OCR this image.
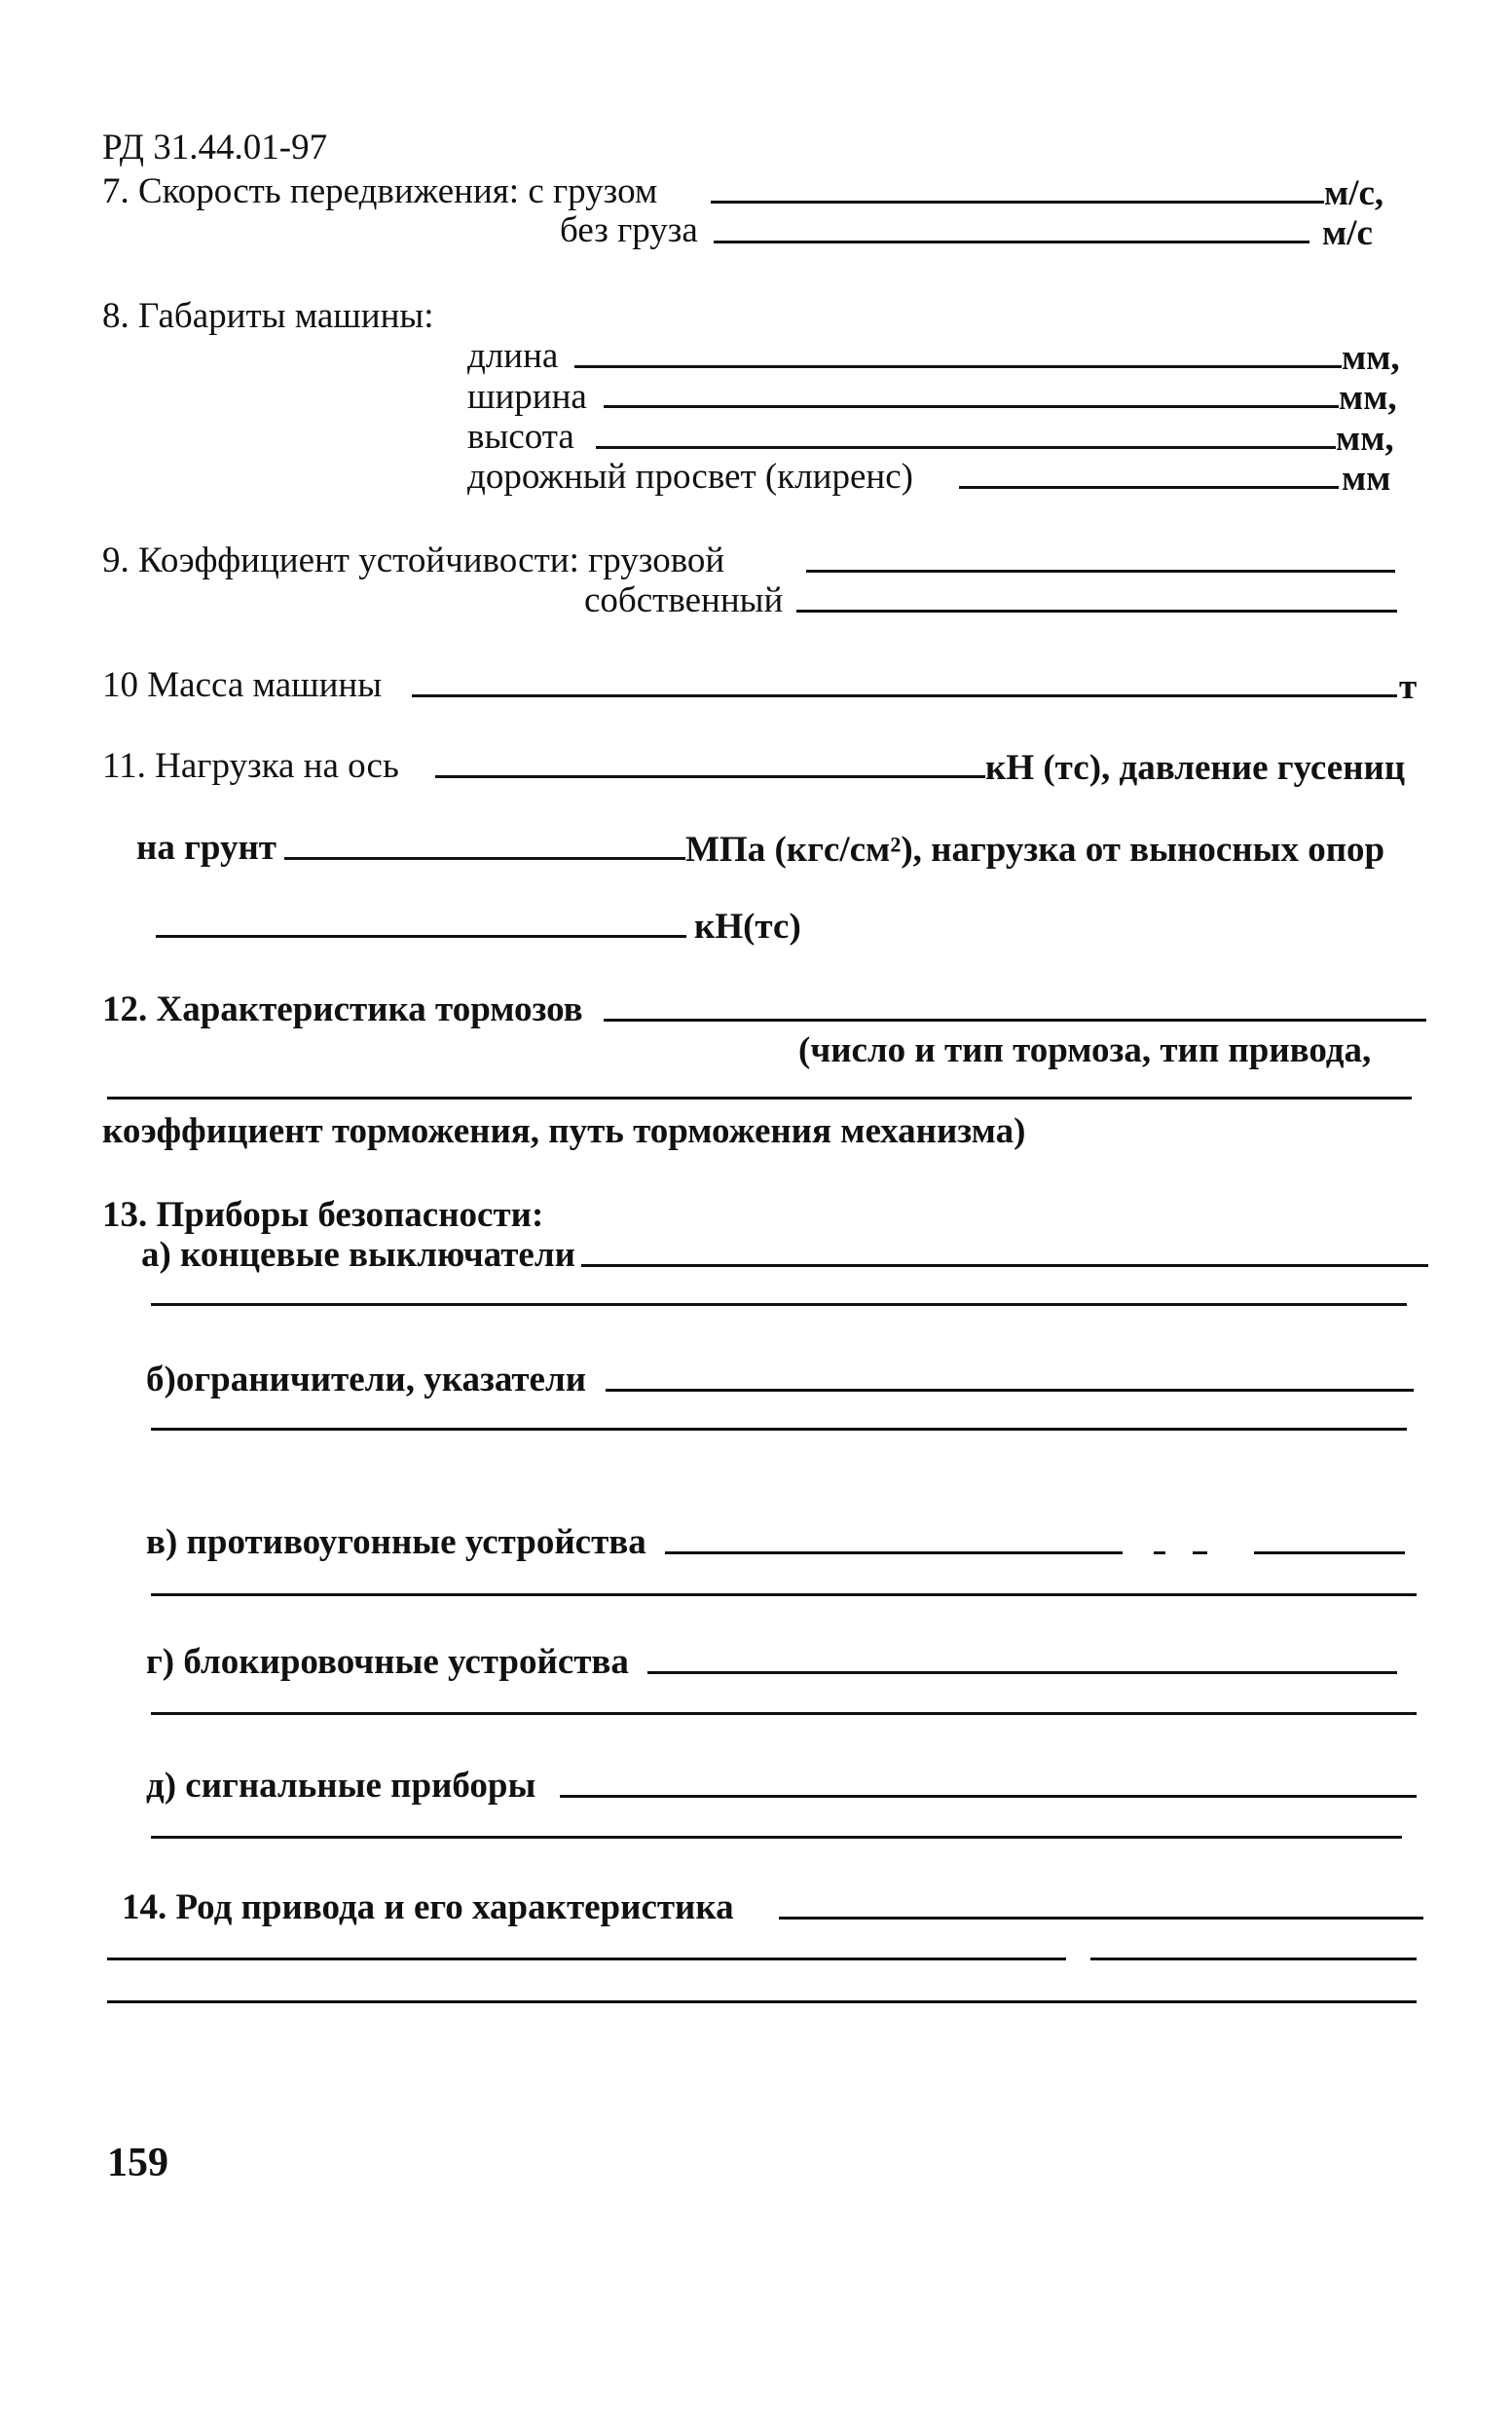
РД 31.44.01-97
7. Скорость передвижения: с грузом	м/с,
без груза	м/с
8. Габариты машины:
длина	мм,
ширина	мм,
высота	мм,
дорожный просвет (клиренс)	мм
9. Коэффициент устойчивости: грузовой
собственный
10 Масса машины	т
11. Нагрузка на ось	кН (тс), давление гусениц
на грунт	МПа (кгс/см²), нагрузка от выносных опор
кН(тс)
12. Характеристика тормозов
(число и тип тормоза, тип привода,
коэффициент торможения, путь торможения механизма)
13. Приборы безопасности:
а) концевые выключатели
б)ограничители, указатели
в) противоугонные устройства
г) блокировочные устройства
д) сигнальные приборы
14. Род привода и его характеристика
159
